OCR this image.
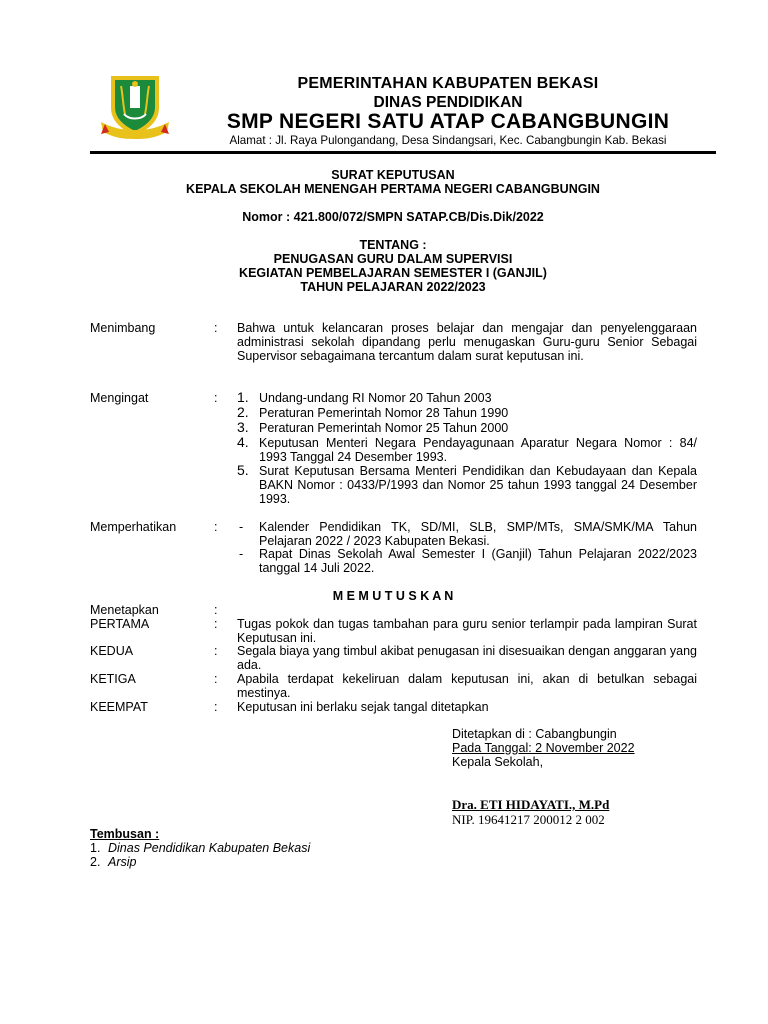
PEMERINTAHAN KABUPATEN BEKASI
DINAS PENDIDIKAN
SMP NEGERI SATU ATAP CABANGBUNGIN
Alamat : Jl. Raya Pulongandang, Desa Sindangsari, Kec. Cabangbungin Kab. Bekasi
SURAT KEPUTUSAN
KEPALA SEKOLAH MENENGAH PERTAMA NEGERI CABANGBUNGIN
Nomor : 421.800/072/SMPN SATAP.CB/Dis.Dik/2022
TENTANG :
PENUGASAN GURU DALAM SUPERVISI
KEGIATAN PEMBELAJARAN SEMESTER I (GANJIL)
TAHUN PELAJARAN 2022/2023
Menimbang	: Bahwa untuk kelancaran proses belajar dan mengajar dan penyelenggaraan administrasi sekolah dipandang perlu menugaskan Guru-guru Senior Sebagai Supervisor sebagaimana tercantum dalam surat keputusan ini.
Mengingat	: 1. Undang-undang RI Nomor 20 Tahun 2003
2. Peraturan Pemerintah Nomor 28 Tahun 1990
3. Peraturan Pemerintah Nomor 25 Tahun 2000
4. Keputusan Menteri Negara Pendayagunaan Aparatur Negara Nomor : 84/ 1993 Tanggal 24 Desember 1993.
5. Surat Keputusan Bersama Menteri Pendidikan dan Kebudayaan dan Kepala BAKN Nomor : 0433/P/1993 dan Nomor 25 tahun 1993 tanggal 24 Desember 1993.
Memperhatikan	: - Kalender Pendidikan TK, SD/MI, SLB, SMP/MTs, SMA/SMK/MA Tahun Pelajaran 2022 / 2023 Kabupaten Bekasi.
- Rapat Dinas Sekolah Awal Semester I (Ganjil) Tahun Pelajaran 2022/2023 tanggal 14 Juli 2022.
M E M U T U S K A N
Menetapkan	:
PERTAMA	: Tugas pokok dan tugas tambahan para guru senior terlampir pada lampiran Surat Keputusan ini.
KEDUA	: Segala biaya yang timbul akibat penugasan ini disesuaikan dengan anggaran yang ada.
KETIGA	: Apabila terdapat kekeliruan dalam keputusan ini, akan di betulkan sebagai mestinya.
KEEMPAT	: Keputusan ini berlaku sejak tangal ditetapkan
Ditetapkan di : Cabangbungin
Pada Tanggal: 2 November 2022
Kepala Sekolah,
Dra. ETI HIDAYATI., M.Pd
NIP. 19641217 200012 2 002
Tembusan :
1. Dinas Pendidikan Kabupaten Bekasi
2. Arsip
